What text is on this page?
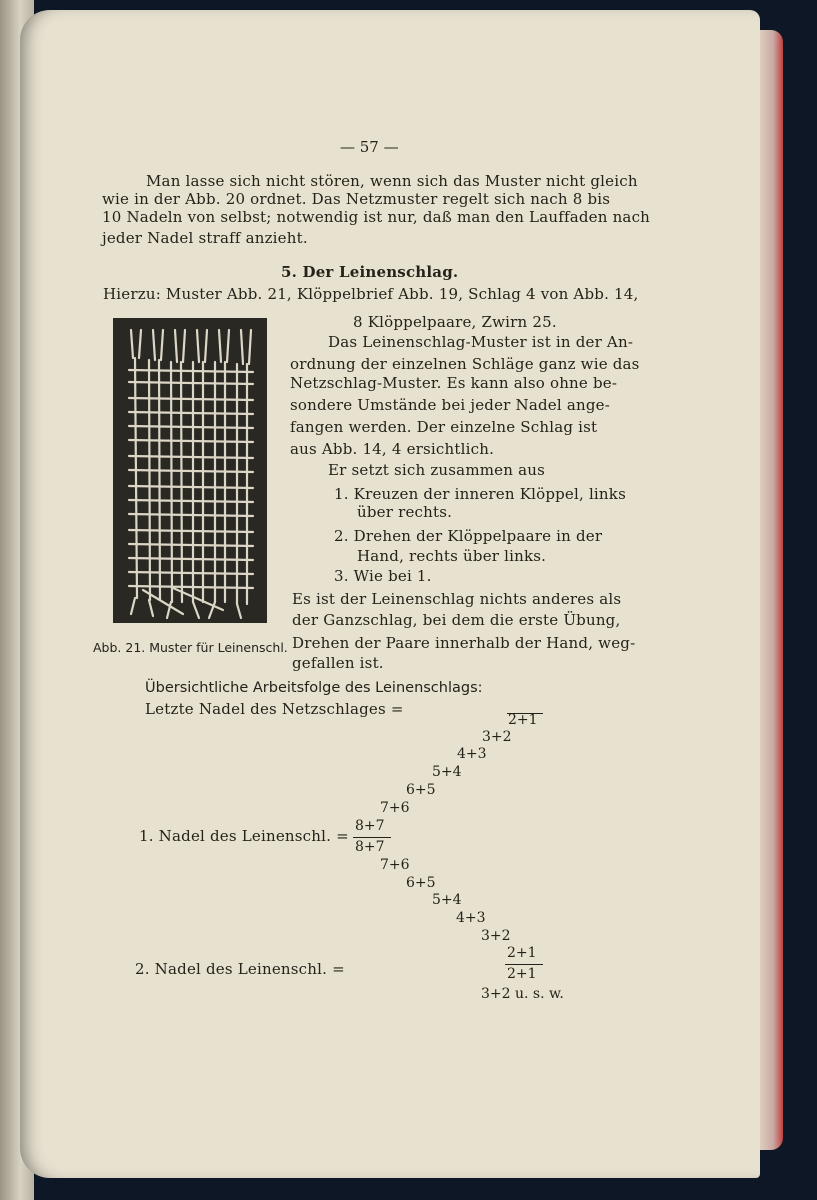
— 57 —
Man lasse sich nicht stören, wenn sich das Muster nicht gleich
wie in der Abb. 20 ordnet. Das Netzmuster regelt sich nach 8 bis
10 Nadeln von selbst; notwendig ist nur, daß man den Lauffaden nach
jeder Nadel straff anzieht.
5. Der Leinenschlag.
Hierzu: Muster Abb. 21, Klöppelbrief Abb. 19, Schlag 4 von Abb. 14,
8 Klöppelpaare, Zwirn 25.
Abb. 21. Muster für Leinenschl.
Das Leinenschlag-Muster ist in der An-
ordnung der einzelnen Schläge ganz wie das
Netzschlag-Muster. Es kann also ohne be-
sondere Umstände bei jeder Nadel ange-
fangen werden. Der einzelne Schlag ist
aus Abb. 14, 4 ersichtlich.
Er setzt sich zusammen aus
1. Kreuzen der inneren Klöppel, links
über rechts.
2. Drehen der Klöppelpaare in der
Hand, rechts über links.
3. Wie bei 1.
Es ist der Leinenschlag nichts anderes als
der Ganzschlag, bei dem die erste Übung,
Drehen der Paare innerhalb der Hand, weg-
gefallen ist.
Übersichtliche Arbeitsfolge des Leinenschlags:
Letzte Nadel des Netzschlages =
2+1
3+2
4+3
5+4
6+5
7+6
1. Nadel des Leinenschl. =
8+7
8+7
7+6
6+5
5+4
4+3
3+2
2. Nadel des Leinenschl. =
2+1
2+1
3+2 u. s. w.
